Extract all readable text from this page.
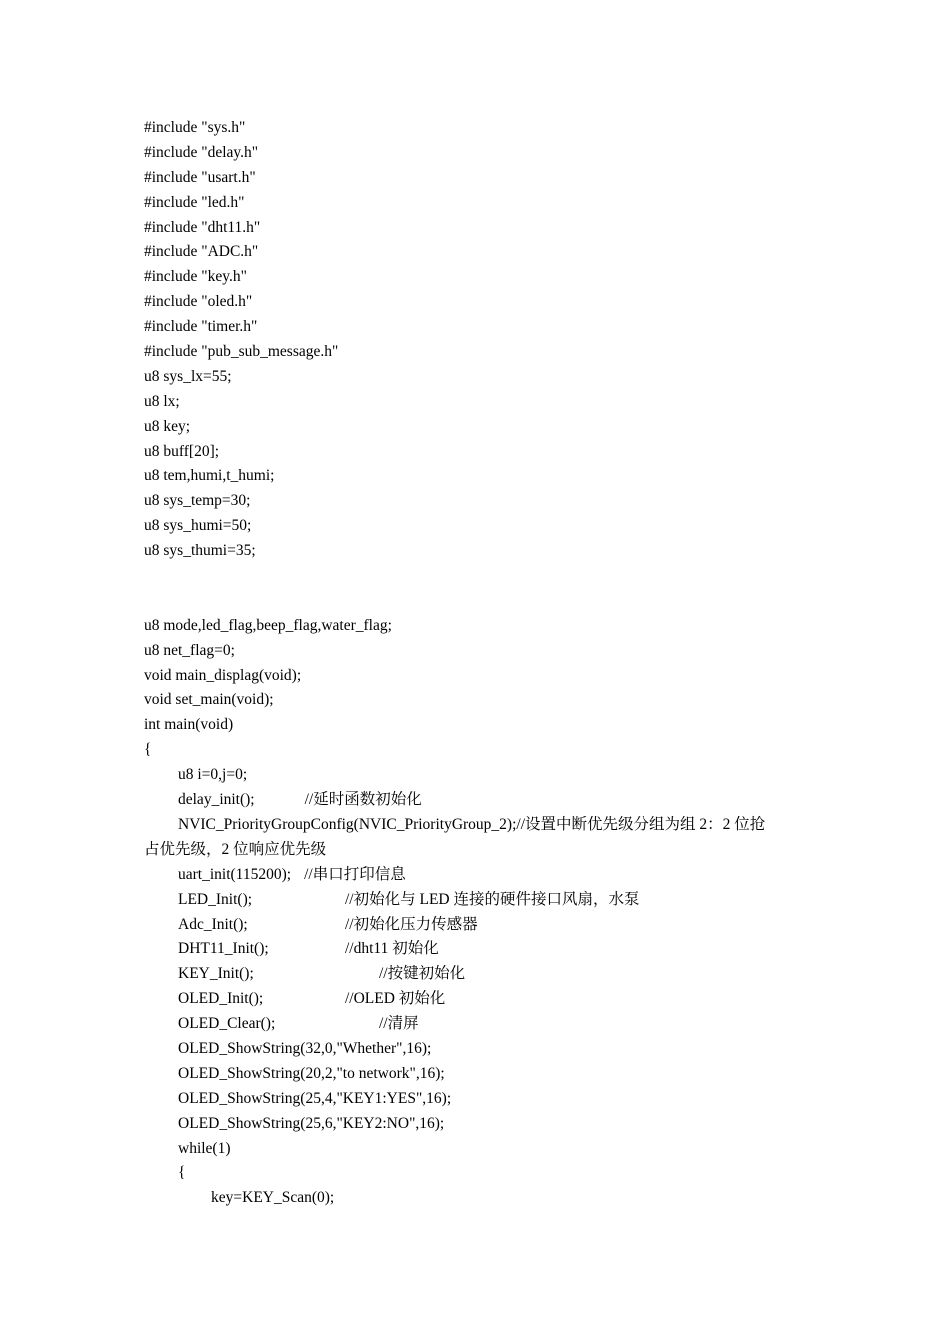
#include "sys.h"
#include "delay.h"
#include "usart.h"
#include "led.h"
#include "dht11.h"
#include "ADC.h"
#include "key.h"
#include "oled.h"
#include "timer.h"
#include "pub_sub_message.h"
u8 sys_lx=55;
u8 lx;
u8 key;
u8 buff[20];
u8 tem,humi,t_humi;
u8 sys_temp=30;
u8 sys_humi=50;
u8 sys_thumi=35;
u8 mode,led_flag,beep_flag,water_flag;
u8 net_flag=0;
void main_displag(void);
void set_main(void);
int main(void)
{
u8 i=0,j=0;
delay_init();	//延时函数初始化
NVIC_PriorityGroupConfig(NVIC_PriorityGroup_2);//设置中断优先级分组为组 2：2 位抢
占优先级，2 位响应优先级
uart_init(115200); //串口打印信息
LED_Init();	//初始化与 LED 连接的硬件接口风扇，水泵
Adc_Init();	//初始化压力传感器
DHT11_Init();	//dht11 初始化
KEY_Init();	//按键初始化
OLED_Init();	//OLED 初始化
OLED_Clear();	//清屏
OLED_ShowString(32,0,"Whether",16);
OLED_ShowString(20,2,"to network",16);
OLED_ShowString(25,4,"KEY1:YES",16);
OLED_ShowString(25,6,"KEY2:NO",16);
while(1)
{
key=KEY_Scan(0);
